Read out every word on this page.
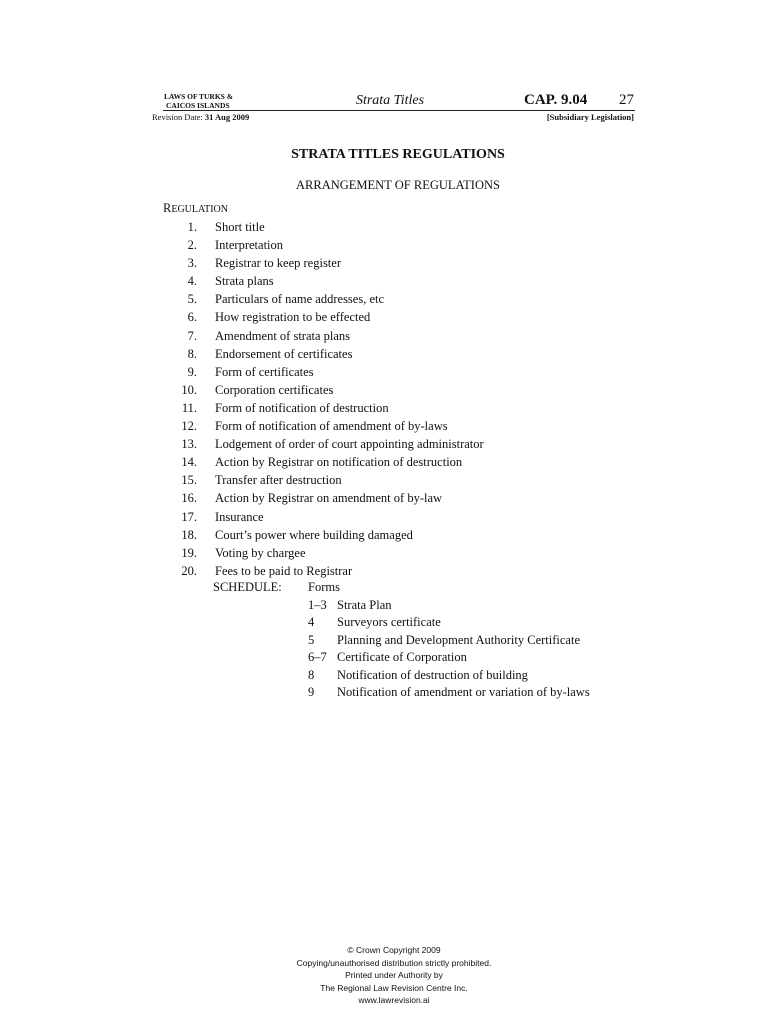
LAWS OF TURKS &
CAICOS ISLANDS	Strata Titles	CAP. 9.04	27
Revision Date: 31 Aug 2009	[Subsidiary Legislation]
STRATA TITLES REGULATIONS
ARRANGEMENT OF REGULATIONS
REGULATION
1. Short title
2. Interpretation
3. Registrar to keep register
4. Strata plans
5. Particulars of name addresses, etc
6. How registration to be effected
7. Amendment of strata plans
8. Endorsement of certificates
9. Form of certificates
10. Corporation certificates
11. Form of notification of destruction
12. Form of notification of amendment of by-laws
13. Lodgement of order of court appointing administrator
14. Action by Registrar on notification of destruction
15. Transfer after destruction
16. Action by Registrar on amendment of by-law
17. Insurance
18. Court’s power where building damaged
19. Voting by chargee
20. Fees to be paid to Registrar
SCHEDULE: Forms
1–3 Strata Plan
4 Surveyors certificate
5 Planning and Development Authority Certificate
6–7 Certificate of Corporation
8 Notification of destruction of building
9 Notification of amendment or variation of by-laws
© Crown Copyright 2009
Copying/unauthorised distribution strictly prohibited.
Printed under Authority by
The Regional Law Revision Centre Inc.
www.lawrevision.ai
